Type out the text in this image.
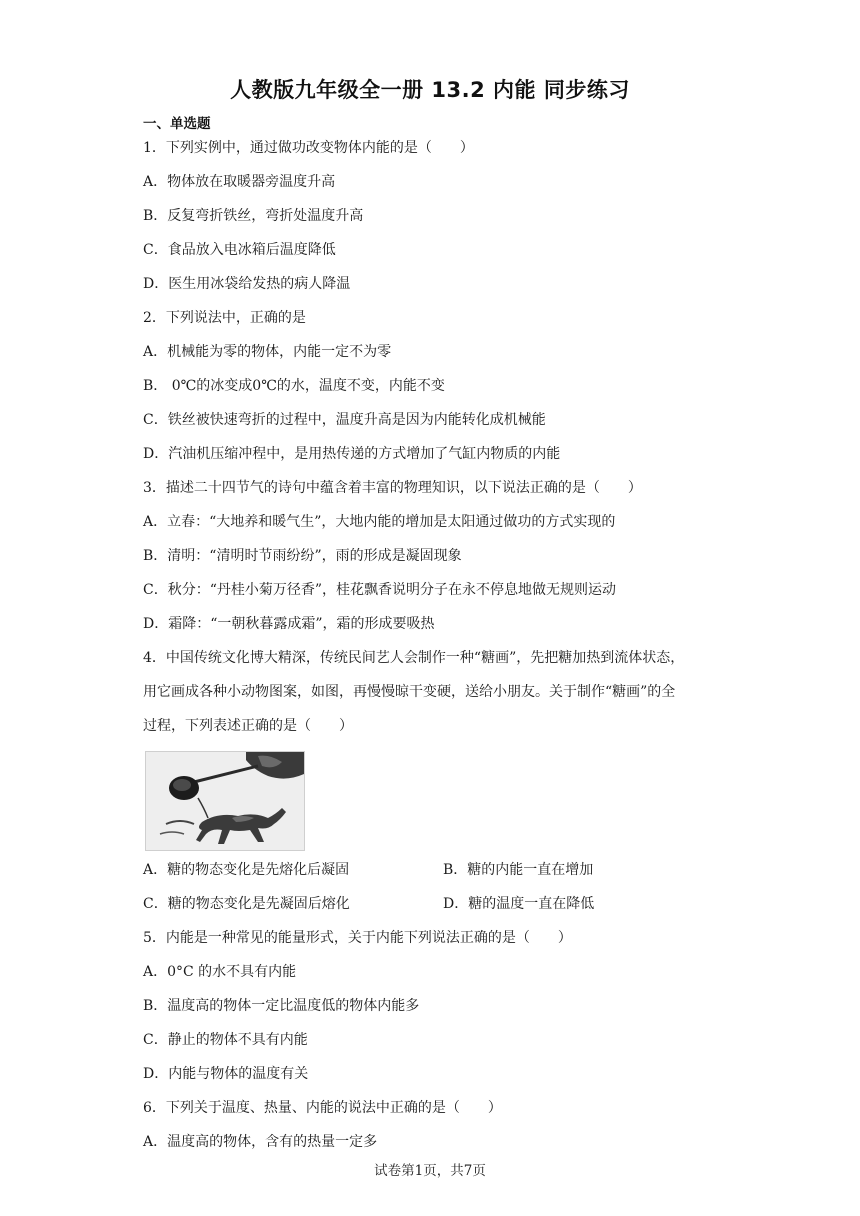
人教版九年级全一册 13.2 内能 同步练习
一、单选题
1．下列实例中，通过做功改变物体内能的是（　　）
A．物体放在取暖器旁温度升高
B．反复弯折铁丝，弯折处温度升高
C．食品放入电冰箱后温度降低
D．医生用冰袋给发热的病人降温
2．下列说法中，正确的是
A．机械能为零的物体，内能一定不为零
B． 0℃的冰变成0℃的水，温度不变，内能不变
C．铁丝被快速弯折的过程中，温度升高是因为内能转化成机械能
D．汽油机压缩冲程中，是用热传递的方式增加了气缸内物质的内能
3．描述二十四节气的诗句中蕴含着丰富的物理知识，以下说法正确的是（　　）
A．立春：“大地养和暖气生”，大地内能的增加是太阳通过做功的方式实现的
B．清明：“清明时节雨纷纷”，雨的形成是凝固现象
C．秋分：“丹桂小菊万径香”，桂花飘香说明分子在永不停息地做无规则运动
D．霜降：“一朝秋暮露成霜”，霜的形成要吸热
4．中国传统文化博大精深，传统民间艺人会制作一种“糖画”，先把糖加热到流体状态，
用它画成各种小动物图案，如图，再慢慢晾干变硬，送给小朋友。关于制作“糖画”的全
过程，下列表述正确的是（　　）
A．糖的物态变化是先熔化后凝固	B．糖的内能一直在增加
C．糖的物态变化是先凝固后熔化	D．糖的温度一直在降低
5．内能是一种常见的能量形式，关于内能下列说法正确的是（　　）
A．0°C 的水不具有内能
B．温度高的物体一定比温度低的物体内能多
C．静止的物体不具有内能
D．内能与物体的温度有关
6．下列关于温度、热量、内能的说法中正确的是（　　）
A．温度高的物体，含有的热量一定多
试卷第1页，共7页
